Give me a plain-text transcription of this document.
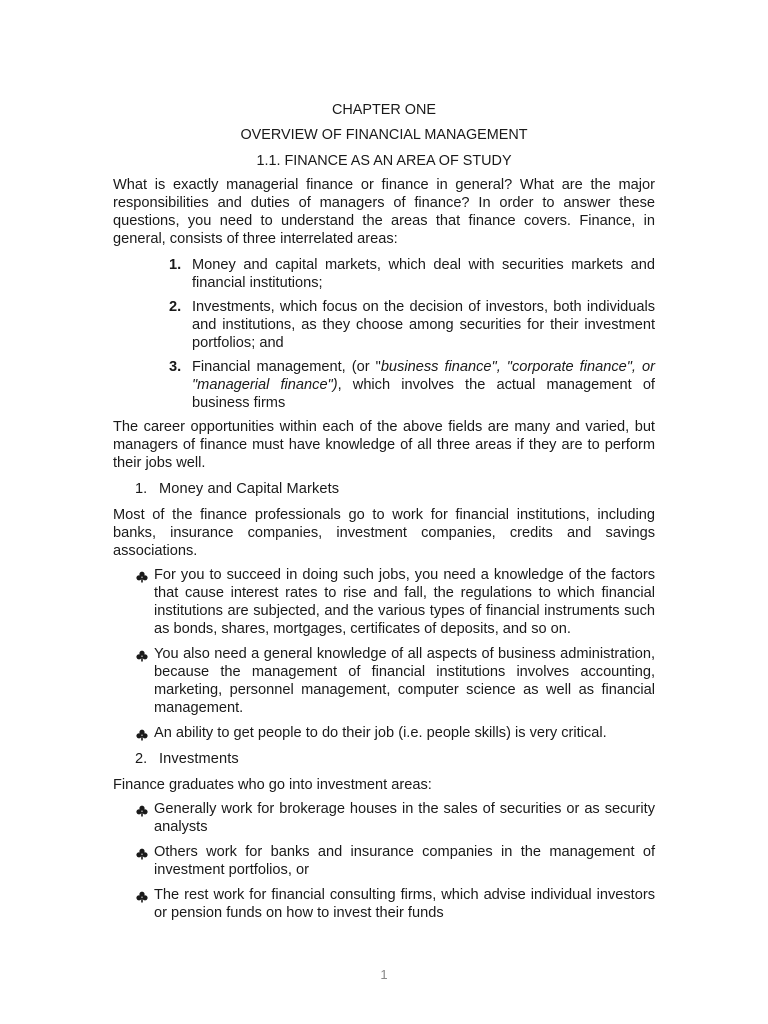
CHAPTER ONE
OVERVIEW OF FINANCIAL MANAGEMENT
1.1. FINANCE AS AN AREA OF STUDY

What is exactly managerial finance or finance in general? What are the major responsibilities and duties of managers of finance? In order to answer these questions, you need to understand the areas that finance covers. Finance, in general, consists of three interrelated areas:

1. Money and capital markets, which deal with securities markets and financial institutions;
2. Investments, which focus on the decision of investors, both individuals and institutions, as they choose among securities for their investment portfolios; and
3. Financial management, (or "business finance", "corporate finance", or "managerial finance"), which involves the actual management of business firms

The career opportunities within each of the above fields are many and varied, but managers of finance must have knowledge of all three areas if they are to perform their jobs well.

1. Money and Capital Markets

Most of the finance professionals go to work for financial institutions, including banks, insurance companies, investment companies, credits and savings associations.

For you to succeed in doing such jobs, you need a knowledge of the factors that cause interest rates to rise and fall, the regulations to which financial institutions are subjected, and the various types of financial instruments such as bonds, shares, mortgages, certificates of deposits, and so on.
You also need a general knowledge of all aspects of business administration, because the management of financial institutions involves accounting, marketing, personnel management, computer science as well as financial management.
An ability to get people to do their job (i.e. people skills) is very critical.
2. Investments

Finance graduates who go into investment areas:

Generally work for brokerage houses in the sales of securities or as security analysts
Others work for banks and insurance companies in the management of investment portfolios, or
The rest work for financial consulting firms, which advise individual investors or pension funds on how to invest their funds
1
